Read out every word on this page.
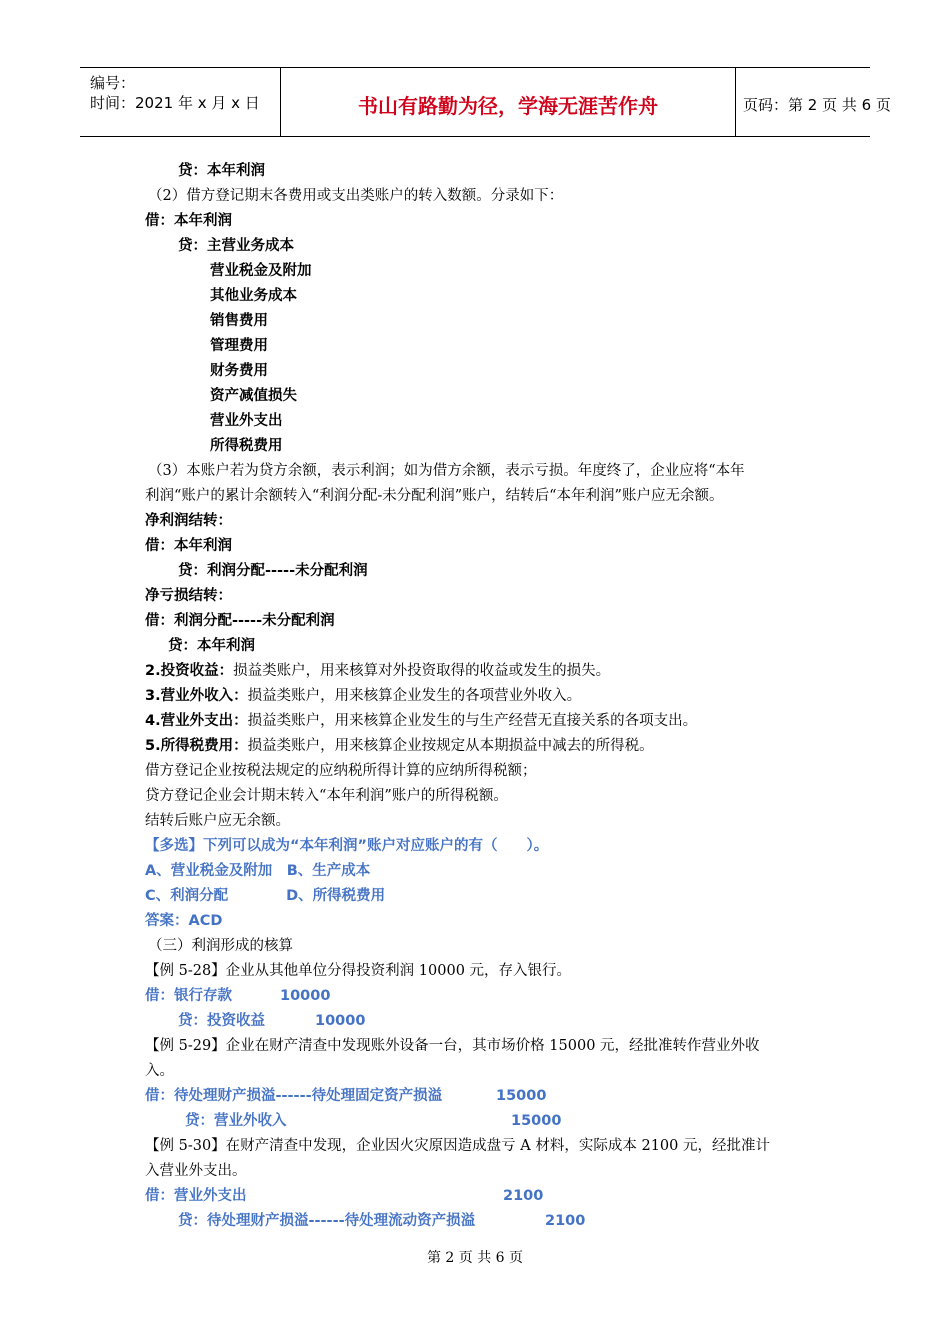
编号：
时间：2021 年 x 月 x 日	书山有路勤为径，学海无涯苦作舟	页码：第 2 页 共 6 页
贷：本年利润
（2）借方登记期末各费用或支出类账户的转入数额。分录如下：
借：本年利润
贷：主营业务成本
营业税金及附加
其他业务成本
销售费用
管理费用
财务费用
资产减值损失
营业外支出
所得税费用
（3）本账户若为贷方余额，表示利润；如为借方余额，表示亏损。年度终了，企业应将“本年
利润“账户的累计余额转入“利润分配-未分配利润”账户，结转后“本年利润”账户应无余额。
净利润结转：
借：本年利润
贷：利润分配-----未分配利润
净亏损结转：
借：利润分配-----未分配利润
贷：本年利润
2.投资收益：损益类账户，用来核算对外投资取得的收益或发生的损失。
3.营业外收入：损益类账户，用来核算企业发生的各项营业外收入。
4.营业外支出：损益类账户，用来核算企业发生的与生产经营无直接关系的各项支出。
5.所得税费用：损益类账户，用来核算企业按规定从本期损益中减去的所得税。
借方登记企业按税法规定的应纳税所得计算的应纳所得税额；
贷方登记企业会计期末转入“本年利润”账户的所得税额。
结转后账户应无余额。
【多选】下列可以成为“本年利润”账户对应账户的有（　　）。
A、营业税金及附加　B、生产成本
C、利润分配　　　　D、所得税费用
答案：ACD
（三）利润形成的核算
【例 5-28】企业从其他单位分得投资利润 10000 元，存入银行。
借：银行存款	10000
贷：投资收益	10000
【例 5-29】企业在财产清查中发现账外设备一台，其市场价格 15000 元，经批准转作营业外收
入。
借：待处理财产损溢------待处理固定资产损溢	15000
贷：营业外收入	15000
【例 5-30】在财产清查中发现，企业因火灾原因造成盘亏 A 材料，实际成本 2100 元，经批准计
入营业外支出。
借：营业外支出	2100
贷：待处理财产损溢------待处理流动资产损溢	2100
第 2 页 共 6 页
